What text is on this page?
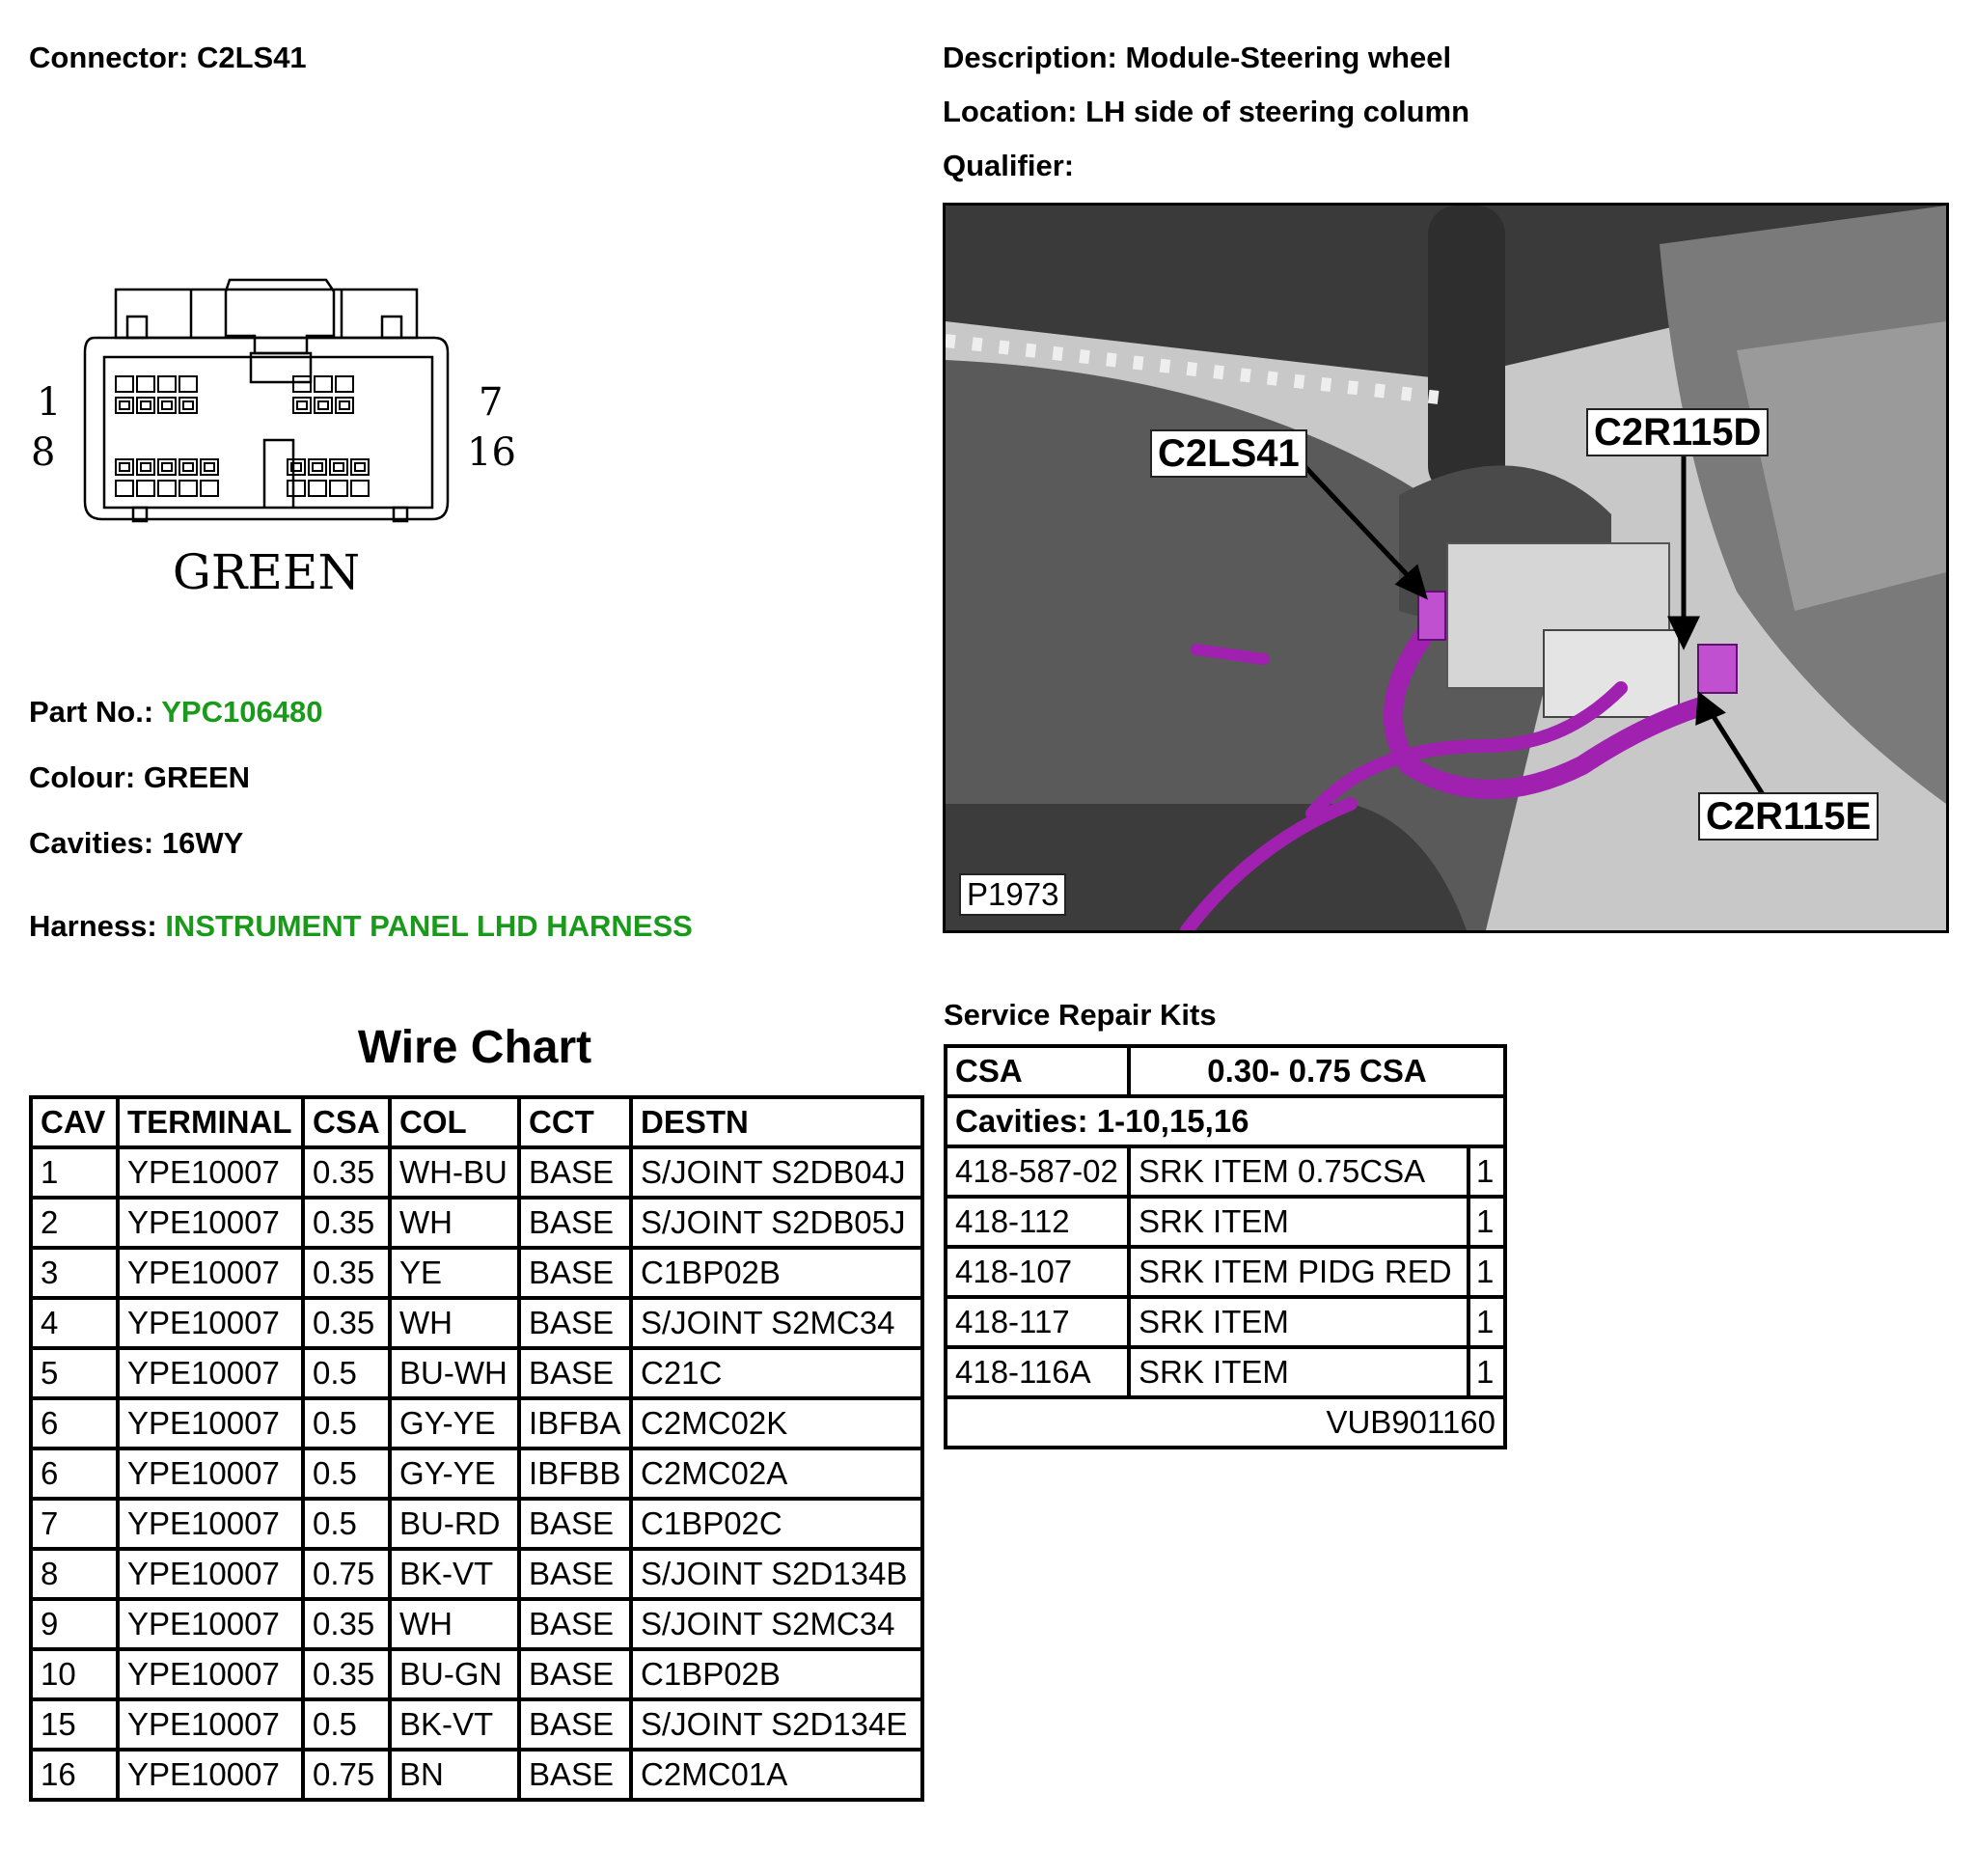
Connector: C2LS41	Description: Module-Steering wheel
Location: LH side of steering column
Qualifier:
1
8
7
16
GREEN
Part No.: YPC106480
Colour: GREEN
Cavities: 16WY
Harness: INSTRUMENT PANEL LHD HARNESS
C2LS41	C2R115D
C2R115E
P1973
Wire Chart
CAV	TERMINAL	CSA	COL	CCT	DESTN
1	YPE10007	0.35	WH-BU	BASE	S/JOINT S2DB04J
2	YPE10007	0.35	WH	BASE	S/JOINT S2DB05J
3	YPE10007	0.35	YE	BASE	C1BP02B
4	YPE10007	0.35	WH	BASE	S/JOINT S2MC34
5	YPE10007	0.5	BU-WH	BASE	C21C
6	YPE10007	0.5	GY-YE	IBFBA	C2MC02K
6	YPE10007	0.5	GY-YE	IBFBB	C2MC02A
7	YPE10007	0.5	BU-RD	BASE	C1BP02C
8	YPE10007	0.75	BK-VT	BASE	S/JOINT S2D134B
9	YPE10007	0.35	WH	BASE	S/JOINT S2MC34
10	YPE10007	0.35	BU-GN	BASE	C1BP02B
15	YPE10007	0.5	BK-VT	BASE	S/JOINT S2D134E
16	YPE10007	0.75	BN	BASE	C2MC01A
Service Repair Kits
CSA	0.30- 0.75 CSA	
Cavities: 1-10,15,16		
418-587-02	SRK ITEM 0.75CSA	1
418-112	SRK ITEM	1
418-107	SRK ITEM PIDG RED	1
418-117	SRK ITEM	1
418-116A	SRK ITEM	1
VUB901160		
